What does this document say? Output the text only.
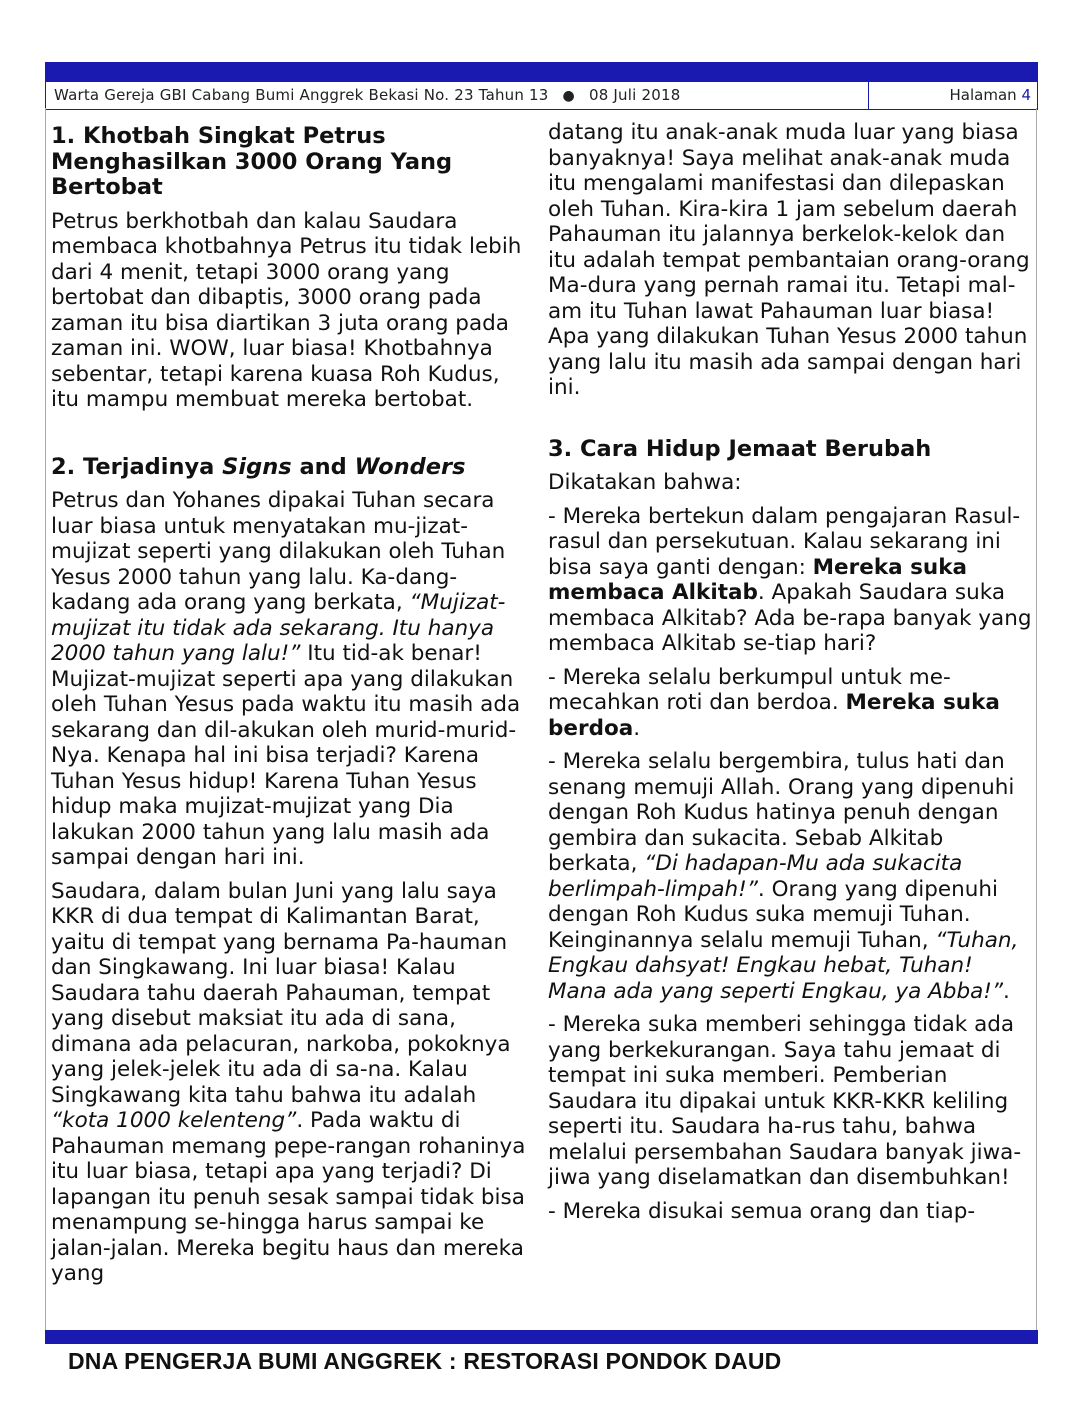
Warta Gereja GBI Cabang Bumi Anggrek Bekasi No. 23 Tahun 13 ● 08 Juli 2018	Halaman 4
1. Khotbah Singkat Petrus Menghasilkan 3000 Orang Yang Bertobat

Petrus berkhotbah dan kalau Saudara membaca khotbahnya Petrus itu tidak lebih dari 4 menit, tetapi 3000 orang yang bertobat dan dibaptis, 3000 orang pada zaman itu bisa diartikan 3 juta orang pada zaman ini. WOW, luar biasa! Khotbahnya sebentar, tetapi karena kuasa Roh Kudus, itu mampu membuat mereka bertobat.

2. Terjadinya Signs and Wonders

Petrus dan Yohanes dipakai Tuhan secara luar biasa untuk menyatakan mu-jizat-mujizat seperti yang dilakukan oleh Tuhan Yesus 2000 tahun yang lalu. Ka-dang-kadang ada orang yang berkata, “Mujizat-mujizat itu tidak ada sekarang. Itu hanya 2000 tahun yang lalu!” Itu tid-ak benar! Mujizat-mujizat seperti apa yang dilakukan oleh Tuhan Yesus pada waktu itu masih ada sekarang dan dil-akukan oleh murid-murid-Nya. Kenapa hal ini bisa terjadi? Karena Tuhan Yesus hidup! Karena Tuhan Yesus hidup maka mujizat-mujizat yang Dia lakukan 2000 tahun yang lalu masih ada sampai dengan hari ini.

Saudara, dalam bulan Juni yang lalu saya KKR di dua tempat di Kalimantan Barat, yaitu di tempat yang bernama Pa-hauman dan Singkawang. Ini luar biasa! Kalau Saudara tahu daerah Pahauman, tempat yang disebut maksiat itu ada di sana, dimana ada pelacuran, narkoba, pokoknya yang jelek-jelek itu ada di sa-na. Kalau Singkawang kita tahu bahwa itu adalah “kota 1000 kelenteng”. Pada waktu di Pahauman memang pepe-rangan rohaninya itu luar biasa, tetapi apa yang terjadi? Di lapangan itu penuh sesak sampai tidak bisa menampung se-hingga harus sampai ke jalan-jalan. Mereka begitu haus dan mereka yang

datang itu anak-anak muda luar yang biasa banyaknya! Saya melihat anak-anak muda itu mengalami manifestasi dan dilepaskan oleh Tuhan. Kira-kira 1 jam sebelum daerah Pahauman itu jalannya berkelok-kelok dan itu adalah tempat pembantaian orang-orang Ma-dura yang pernah ramai itu. Tetapi mal-am itu Tuhan lawat Pahauman luar biasa! Apa yang dilakukan Tuhan Yesus 2000 tahun yang lalu itu masih ada sampai dengan hari ini.

3. Cara Hidup Jemaat Berubah

Dikatakan bahwa:

- Mereka bertekun dalam pengajaran Rasul-rasul dan persekutuan. Kalau sekarang ini bisa saya ganti dengan: Mereka suka membaca Alkitab. Apakah Saudara suka membaca Alkitab? Ada be-rapa banyak yang membaca Alkitab se-tiap hari?

- Mereka selalu berkumpul untuk me-mecahkan roti dan berdoa. Mereka suka berdoa.

- Mereka selalu bergembira, tulus hati dan senang memuji Allah. Orang yang dipenuhi dengan Roh Kudus hatinya penuh dengan gembira dan sukacita. Sebab Alkitab berkata, “Di hadapan-Mu ada sukacita berlimpah-limpah!”. Orang yang dipenuhi dengan Roh Kudus suka memuji Tuhan. Keinginannya selalu memuji Tuhan, “Tuhan, Engkau dahsyat! Engkau hebat, Tuhan! Mana ada yang seperti Engkau, ya Abba!”.

- Mereka suka memberi sehingga tidak ada yang berkekurangan. Saya tahu jemaat di tempat ini suka memberi. Pemberian Saudara itu dipakai untuk KKR-KKR keliling seperti itu. Saudara ha-rus tahu, bahwa melalui persembahan Saudara banyak jiwa-jiwa yang diselamatkan dan disembuhkan!

- Mereka disukai semua orang dan tiap-

DNA PENGERJA BUMI ANGGREK : RESTORASI PONDOK DAUD
